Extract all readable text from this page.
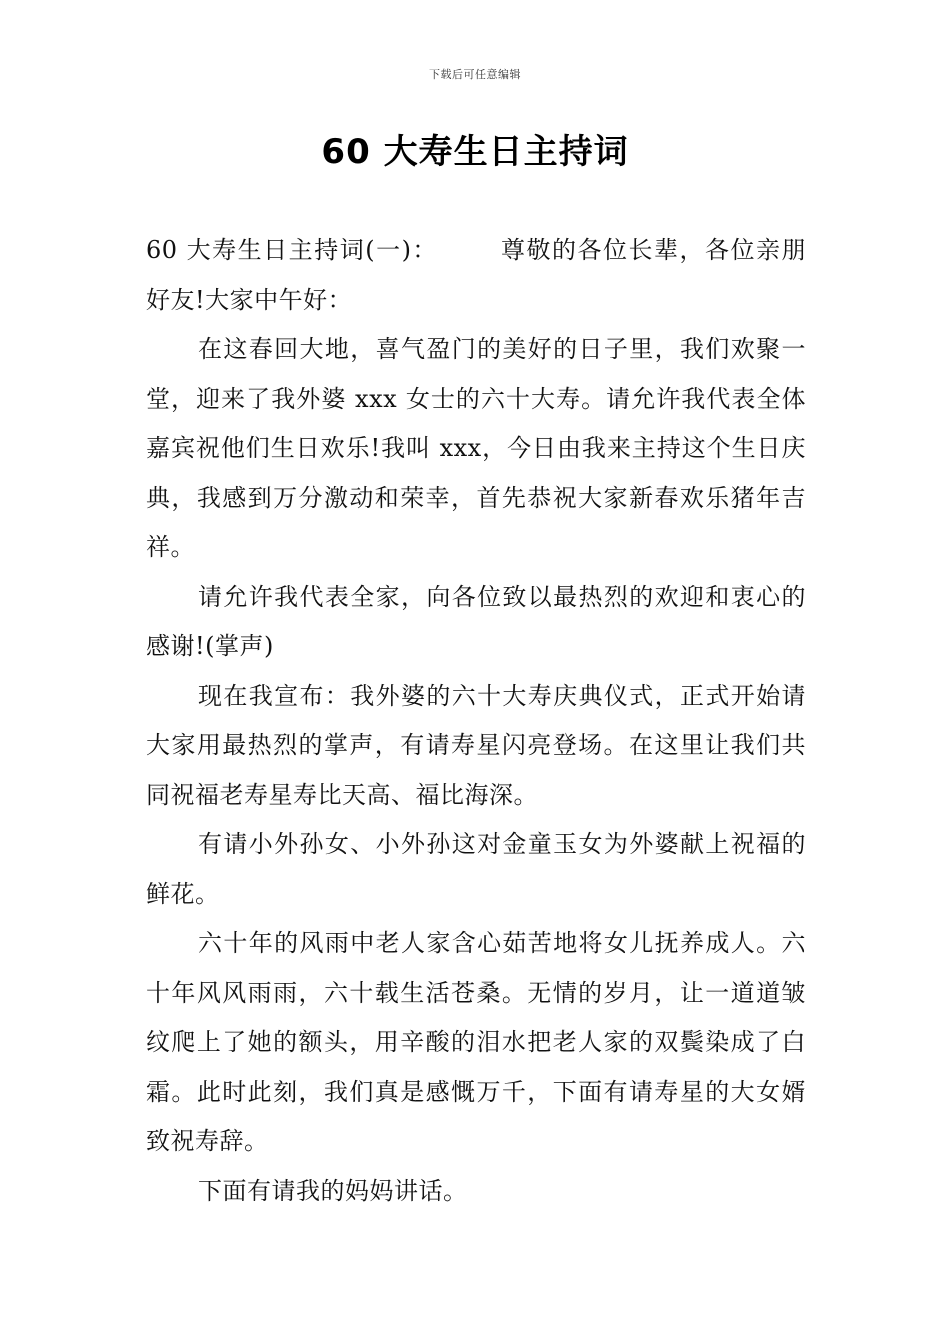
下载后可任意编辑
60 大寿生日主持词

60 大寿生日主持词(一)：	尊敬的各位长辈，各位亲朋好友!大家中午好：

在这春回大地，喜气盈门的美好的日子里，我们欢聚一堂，迎来了我外婆 xxx 女士的六十大寿。请允许我代表全体嘉宾祝他们生日欢乐!我叫 xxx，今日由我来主持这个生日庆典，我感到万分激动和荣幸，首先恭祝大家新春欢乐猪年吉祥。

请允许我代表全家，向各位致以最热烈的欢迎和衷心的感谢!(掌声)

现在我宣布：我外婆的六十大寿庆典仪式，正式开始请大家用最热烈的掌声，有请寿星闪亮登场。在这里让我们共同祝福老寿星寿比天高、福比海深。

有请小外孙女、小外孙这对金童玉女为外婆献上祝福的鲜花。

六十年的风雨中老人家含心茹苦地将女儿抚养成人。六十年风风雨雨，六十载生活苍桑。无情的岁月，让一道道皱纹爬上了她的额头，用辛酸的泪水把老人家的双鬓染成了白霜。此时此刻，我们真是感慨万千，下面有请寿星的大女婿致祝寿辞。

下面有请我的妈妈讲话。
